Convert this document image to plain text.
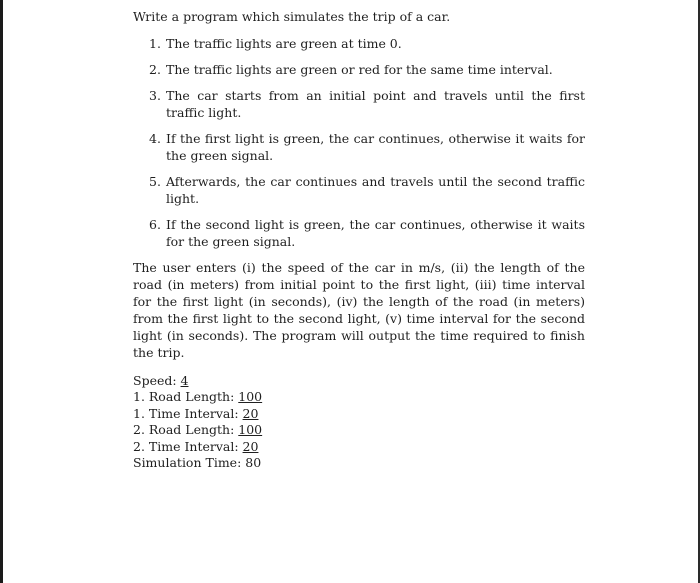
Write a program which simulates the trip of a car.

1. The traffic lights are green at time 0.
2. The traffic lights are green or red for the same time interval.
3. The car starts from an initial point and travels until the first traffic light.
4. If the first light is green, the car continues, otherwise it waits for the green signal.
5. Afterwards, the car continues and travels until the second traffic light.
6. If the second light is green, the car continues, otherwise it waits for the green signal.

The user enters (i) the speed of the car in m/s, (ii) the length of the road (in meters) from initial point to the first light, (iii) time interval for the first light (in seconds), (iv) the length of the road (in meters) from the first light to the second light, (v) time interval for the second light (in seconds). The program will output the time required to finish the trip.

Speed: 4
1. Road Length: 100
1. Time Interval: 20
2. Road Length: 100
2. Time Interval: 20
Simulation Time: 80
